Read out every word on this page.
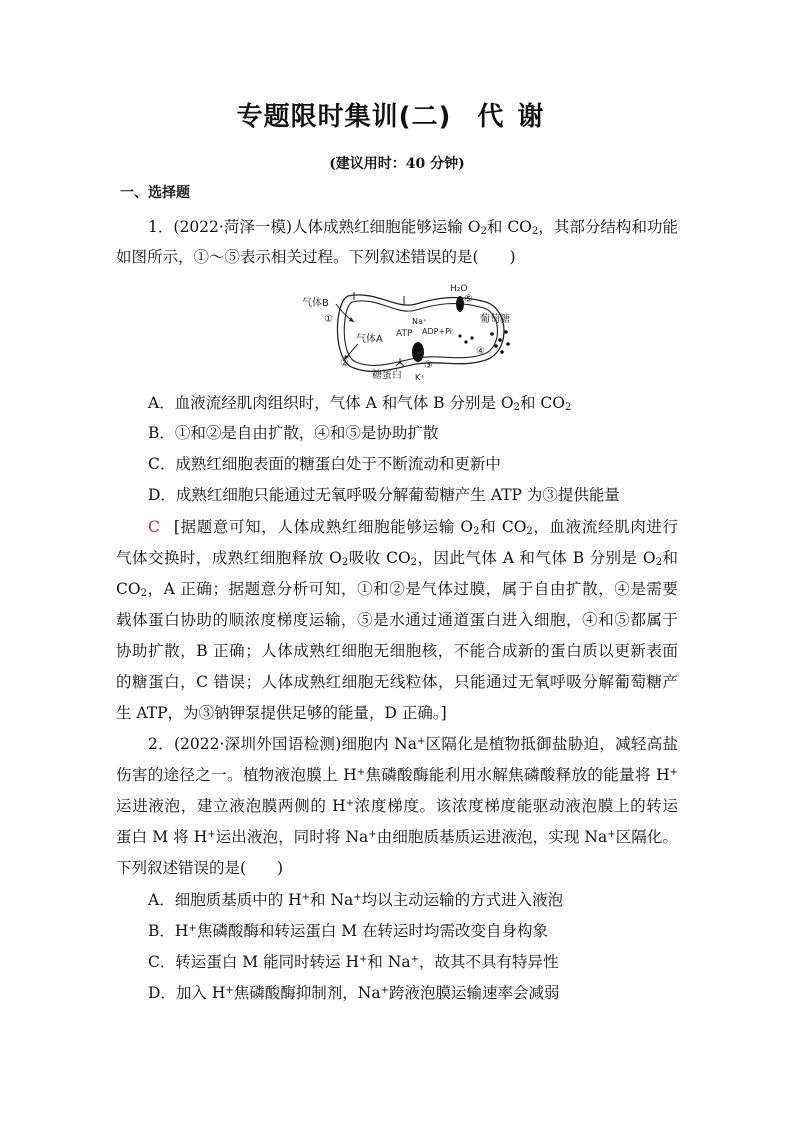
专题限时集训(二) 代谢
(建议用时：40 分钟)
一、选择题
1．(2022·菏泽一模)人体成熟红细胞能够运输 $O_2$和 $CO_2$，其部分结构和功能
如图所示，①～⑤表示相关过程。下列叙述错误的是(　　)
气体B
①
气体A
②
糖蛋白
Na⁺
ATP ADP+Pi
③
K⁺
H₂O
⑤
葡萄糖
④
A．血液流经肌肉组织时，气体 A 和气体 B 分别是 $O_2$和 $CO_2$
B．①和②是自由扩散，④和⑤是协助扩散
C．成熟红细胞表面的糖蛋白处于不断流动和更新中
D．成熟红细胞只能通过无氧呼吸分解葡萄糖产生 ATP 为③提供能量
C [据题意可知，人体成熟红细胞能够运输 $O_2$和 $CO_2$，血液流经肌肉进行
气体交换时，成熟红细胞释放 $O_2$吸收 $CO_2$，因此气体 A 和气体 B 分别是 $O_2$和
$CO_2$，A 正确；据题意分析可知，①和②是气体过膜，属于自由扩散，④是需要
载体蛋白协助的顺浓度梯度运输，⑤是水通过通道蛋白进入细胞，④和⑤都属于
协助扩散，B 正确；人体成熟红细胞无细胞核，不能合成新的蛋白质以更新表面
的糖蛋白，C 错误；人体成熟红细胞无线粒体，只能通过无氧呼吸分解葡萄糖产
生 ATP，为③钠钾泵提供足够的能量，D 正确。]
2．(2022·深圳外国语检测)细胞内 Na+区隔化是植物抵御盐胁迫，减轻高盐
伤害的途径之一。植物液泡膜上 H+焦磷酸酶能利用水解焦磷酸释放的能量将 H+
运进液泡，建立液泡膜两侧的 H+浓度梯度。该浓度梯度能驱动液泡膜上的转运
蛋白 M 将 H+运出液泡，同时将 Na+由细胞质基质运进液泡，实现 Na+区隔化。
下列叙述错误的是(　　)
A．细胞质基质中的 H+和 Na+均以主动运输的方式进入液泡
B．H+焦磷酸酶和转运蛋白 M 在转运时均需改变自身构象
C．转运蛋白 M 能同时转运 H+和 Na+，故其不具有特异性
D．加入 H+焦磷酸酶抑制剂，Na+跨液泡膜运输速率会减弱
